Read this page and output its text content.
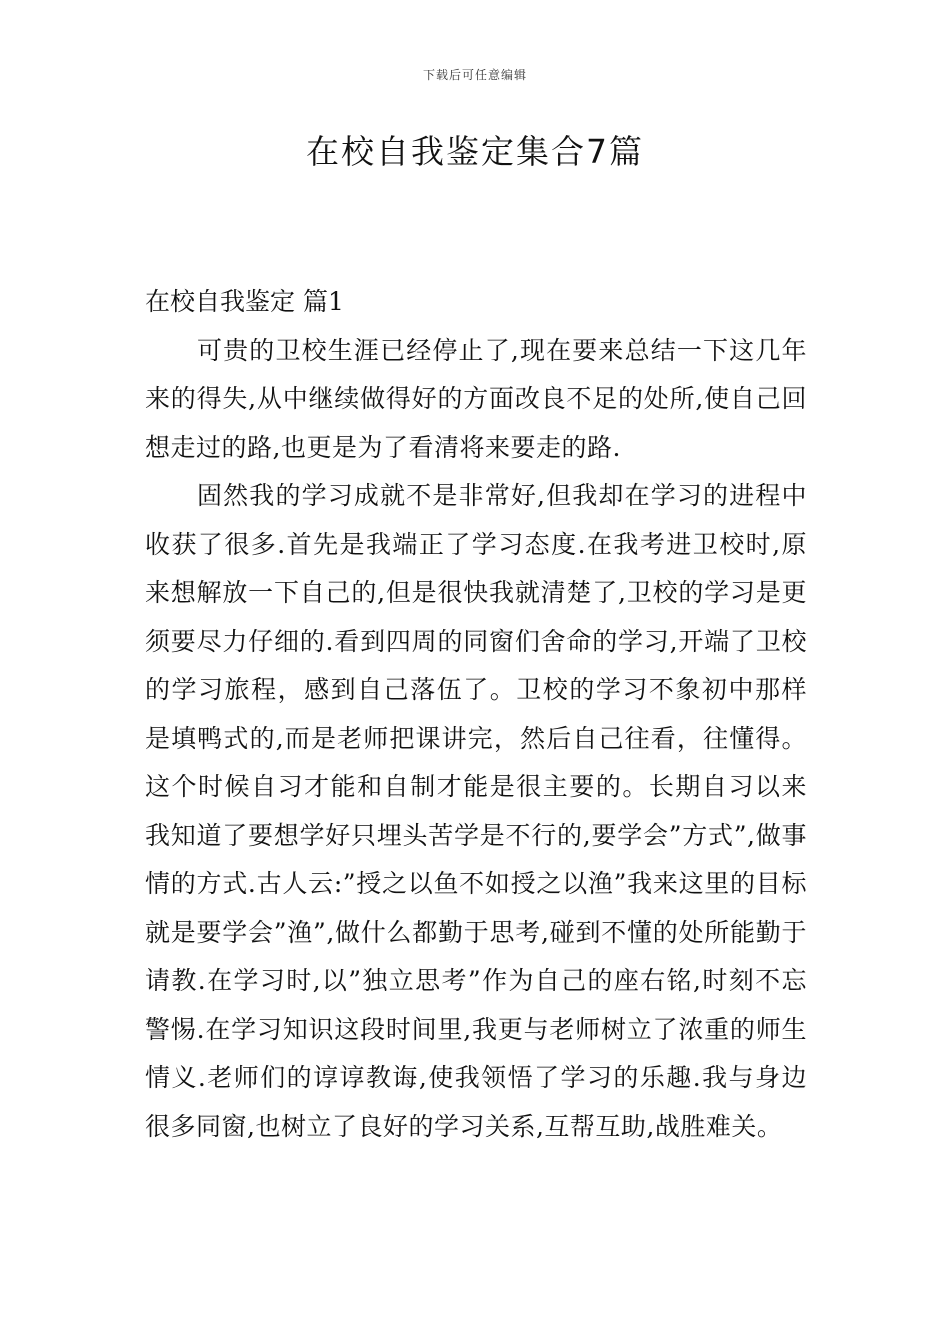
下载后可任意编辑
在校自我鉴定集合7篇
在校自我鉴定 篇1

可贵的卫校生涯已经停止了,现在要来总结一下这几年来的得失,从中继续做得好的方面改良不足的处所,使自己回想走过的路,也更是为了看清将来要走的路.

固然我的学习成就不是非常好,但我却在学习的进程中收获了很多.首先是我端正了学习态度.在我考进卫校时,原来想解放一下自己的,但是很快我就清楚了,卫校的学习是更须要尽力仔细的.看到四周的同窗们舍命的学习,开端了卫校的学习旅程，感到自己落伍了。卫校的学习不象初中那样是填鸭式的,而是老师把课讲完，然后自己往看，往懂得。这个时候自习才能和自制才能是很主要的。长期自习以来我知道了要想学好只埋头苦学是不行的,要学会”方式”,做事情的方式.古人云:”授之以鱼不如授之以渔”我来这里的目标就是要学会”渔”,做什么都勤于思考,碰到不懂的处所能勤于请教.在学习时,以”独立思考”作为自己的座右铭,时刻不忘警惕.在学习知识这段时间里,我更与老师树立了浓重的师生情义.老师们的谆谆教诲,使我领悟了学习的乐趣.我与身边很多同窗,也树立了良好的学习关系,互帮互助,战胜难关。
